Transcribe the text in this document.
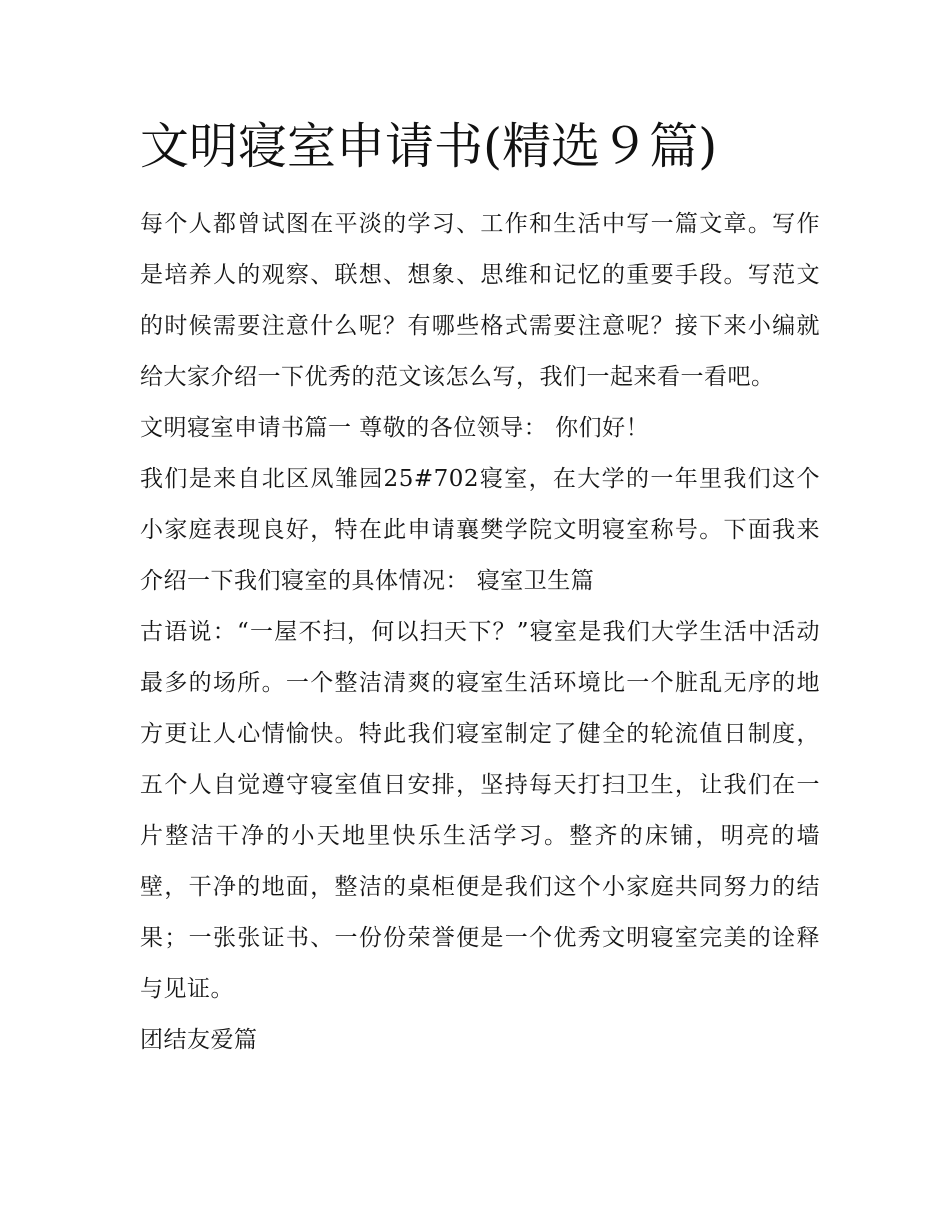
文明寝室申请书(精选９篇)

每个人都曾试图在平淡的学习、工作和生活中写一篇文章。写作是培养人的观察、联想、想象、思维和记忆的重要手段。写范文的时候需要注意什么呢？有哪些格式需要注意呢？接下来小编就给大家介绍一下优秀的范文该怎么写，我们一起来看一看吧。

文明寝室申请书篇一 尊敬的各位领导： 你们好！

我们是来自北区凤雏园25#702寝室，在大学的一年里我们这个小家庭表现良好，特在此申请襄樊学院文明寝室称号。下面我来介绍一下我们寝室的具体情况： 寝室卫生篇

古语说：“一屋不扫，何以扫天下？”寝室是我们大学生活中活动最多的场所。一个整洁清爽的寝室生活环境比一个脏乱无序的地方更让人心情愉快。特此我们寝室制定了健全的轮流值日制度，五个人自觉遵守寝室值日安排，坚持每天打扫卫生，让我们在一片整洁干净的小天地里快乐生活学习。整齐的床铺，明亮的墙壁，干净的地面，整洁的桌柜便是我们这个小家庭共同努力的结果；一张张证书、一份份荣誉便是一个优秀文明寝室完美的诠释与见证。

团结友爱篇
